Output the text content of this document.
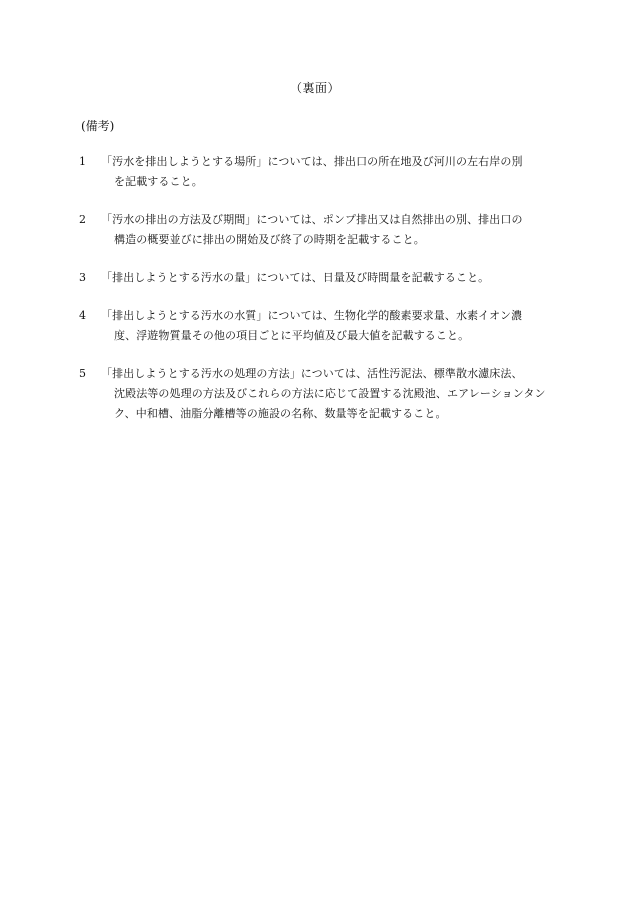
（裏面）
(備考)
1	「汚水を排出しようとする場所」については、排出口の所在地及び河川の左右岸の別
を記載すること。
2	「汚水の排出の方法及び期間」については、ポンプ排出又は自然排出の別、排出口の
構造の概要並びに排出の開始及び終了の時期を記載すること。
3	「排出しようとする汚水の量」については、日量及び時間量を記載すること。
4	「排出しようとする汚水の水質」については、生物化学的酸素要求量、水素イオン濃
度、浮遊物質量その他の項目ごとに平均値及び最大値を記載すること。
5	「排出しようとする汚水の処理の方法」については、活性汚泥法、標準散水濾床法、
沈殿法等の処理の方法及びこれらの方法に応じて設置する沈殿池、エアレーションタン
ク、中和槽、油脂分離槽等の施設の名称、数量等を記載すること。
